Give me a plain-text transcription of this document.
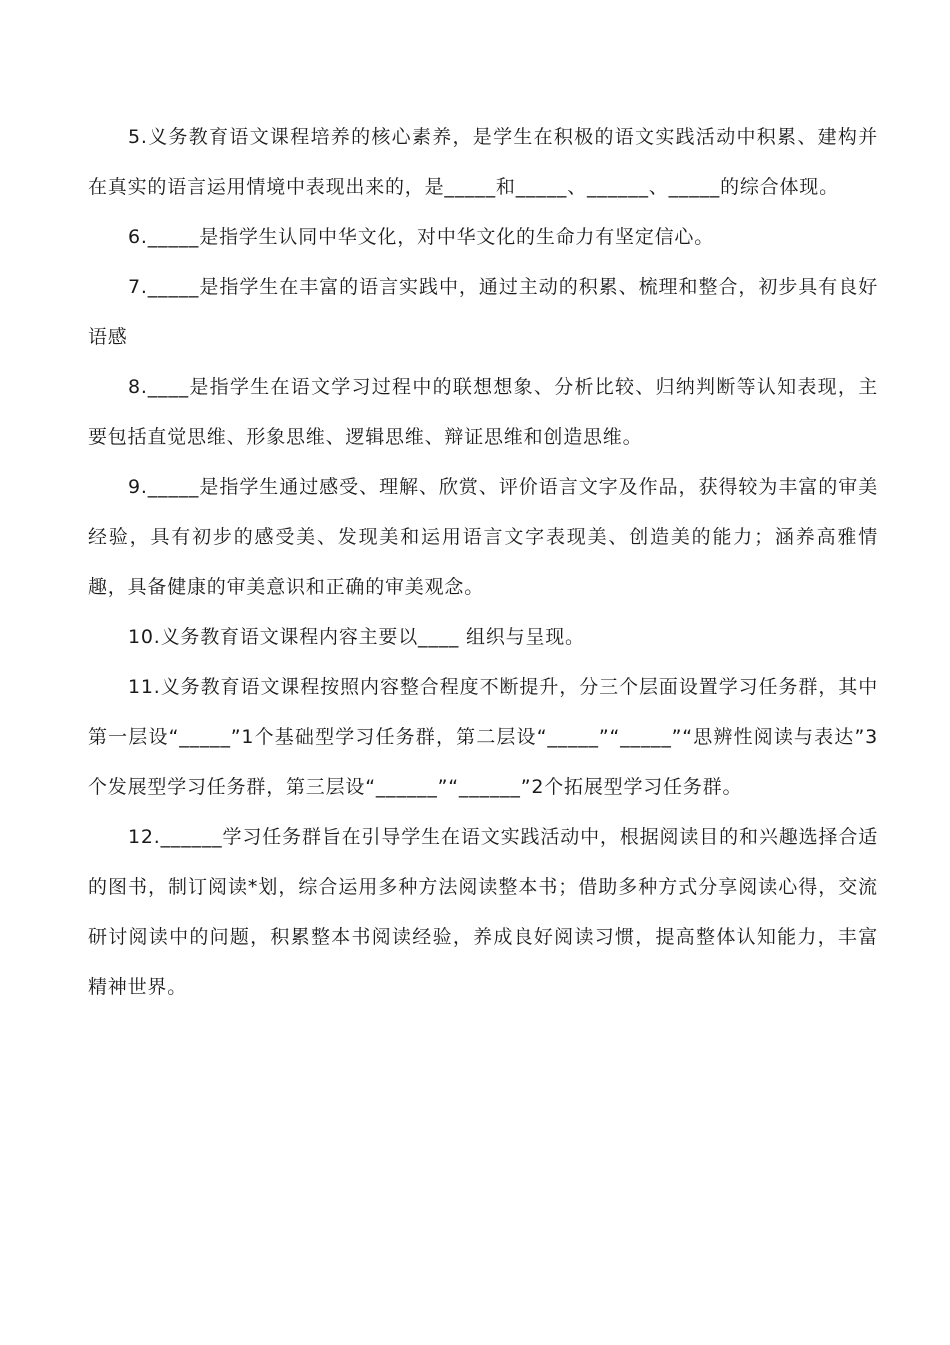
5.义务教育语文课程培养的核心素养，是学生在积极的语文实践活动中积累、建构并在真实的语言运用情境中表现出来的，是_____和_____、______、_____的综合体现。

6._____是指学生认同中华文化，对中华文化的生命力有坚定信心。

7._____是指学生在丰富的语言实践中，通过主动的积累、梳理和整合，初步具有良好语感

8.____是指学生在语文学习过程中的联想想象、分析比较、归纳判断等认知表现，主要包括直觉思维、形象思维、逻辑思维、辩证思维和创造思维。

9._____是指学生通过感受、理解、欣赏、评价语言文字及作品，获得较为丰富的审美经验，具有初步的感受美、发现美和运用语言文字表现美、创造美的能力；涵养高雅情趣，具备健康的审美意识和正确的审美观念。

10.义务教育语文课程内容主要以____ 组织与呈现。

11.义务教育语文课程按照内容整合程度不断提升，分三个层面设置学习任务群，其中第一层设“_____”1个基础型学习任务群，第二层设“_____”“_____”“思辨性阅读与表达”3个发展型学习任务群，第三层设“______”“______”2个拓展型学习任务群。

12.______学习任务群旨在引导学生在语文实践活动中，根据阅读目的和兴趣选择合适的图书，制订阅读*划，综合运用多种方法阅读整本书；借助多种方式分享阅读心得，交流研讨阅读中的问题，积累整本书阅读经验，养成良好阅读习惯，提高整体认知能力，丰富精神世界。
